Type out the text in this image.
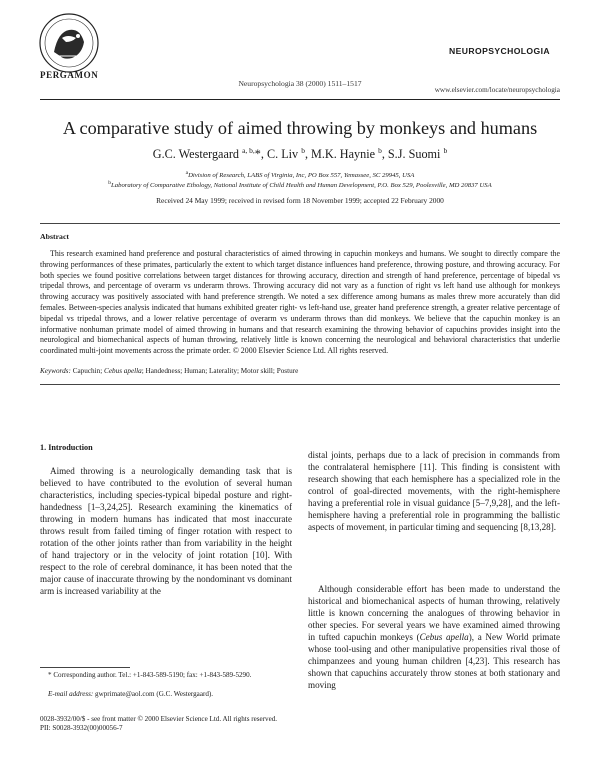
PERGAMON
Neuropsychologia 38 (2000) 1511–1517
NEUROPSYCHOLOGIA
www.elsevier.com/locate/neuropsychologia
A comparative study of aimed throwing by monkeys and humans
G.C. Westergaard $^{a, b,}$*, C. Liv $^b$, M.K. Haynie $^b$, S.J. Suomi $^b$
$^a$Division of Research, LABS of Virginia, Inc, PO Box 557, Yemassee, SC 29945, USA
$^b$Laboratory of Comparative Ethology, National Institute of Child Health and Human Development, P.O. Box 529, Poolesville, MD 20837 USA
Received 24 May 1999; received in revised form 18 November 1999; accepted 22 February 2000
Abstract
This research examined hand preference and postural characteristics of aimed throwing in capuchin monkeys and humans. We sought to directly compare the throwing performances of these primates, particularly the extent to which target distance influences hand preference, throwing posture, and throwing accuracy. For both species we found positive correlations between target distances for throwing accuracy, direction and strength of hand preference, percentage of bipedal vs tripedal throws, and percentage of overarm vs underarm throws. Throwing accuracy did not vary as a function of right vs left hand use although for monkeys throwing accuracy was positively associated with hand preference strength. We noted a sex difference among humans as males threw more accurately than did females. Between-species analysis indicated that humans exhibited greater right- vs left-hand use, greater hand preference strength, a greater relative percentage of bipedal vs tripedal throws, and a lower relative percentage of overarm vs underarm throws than did monkeys. We believe that the capuchin monkey is an informative nonhuman primate model of aimed throwing in humans and that research examining the throwing behavior of capuchins provides insight into the neurological and biomechanical aspects of human throwing, relatively little is known concerning the neurological and behavioral characteristics that underlie coordinated multi-joint movements across the primate order. © 2000 Elsevier Science Ltd. All rights reserved.
Keywords: Capuchin; Cebus apella; Handedness; Human; Laterality; Motor skill; Posture
1. Introduction
Aimed throwing is a neurologically demanding task that is believed to have contributed to the evolution of several human characteristics, including species-typical bipedal posture and right-handedness [1–3,24,25]. Research examining the kinematics of throwing in modern humans has indicated that most inaccurate throws result from failed timing of finger rotation with respect to rotation of the other joints rather than from variability in the height of hand trajectory or in the velocity of joint rotation [10]. With respect to the role of cerebral dominance, it has been noted that the major cause of inaccurate throwing by the nondominant vs dominant arm is increased variability at the
distal joints, perhaps due to a lack of precision in commands from the contralateral hemisphere [11]. This finding is consistent with research showing that each hemisphere has a specialized role in the control of goal-directed movements, with the right-hemisphere having a preferential role in visual guidance [5–7,9,28], and the left-hemisphere having a preferential role in programming the ballistic aspects of movement, in particular timing and sequencing [8,13,28].
Although considerable effort has been made to understand the historical and biomechanical aspects of human throwing, relatively little is known concerning the analogues of throwing behavior in other species. For several years we have examined aimed throwing in tufted capuchin monkeys (Cebus apella), a New World primate whose tool-using and other manipulative propensities rival those of chimpanzees and young human children [4,23]. This research has shown that capuchins accurately throw stones at both stationary and moving
* Corresponding author. Tel.: +1-843-589-5190; fax: +1-843-589-5290.
E-mail address: gwprimate@aol.com (G.C. Westergaard).
0028-3932/00/$ - see front matter © 2000 Elsevier Science Ltd. All rights reserved.
PII: S0028-3932(00)00056-7
